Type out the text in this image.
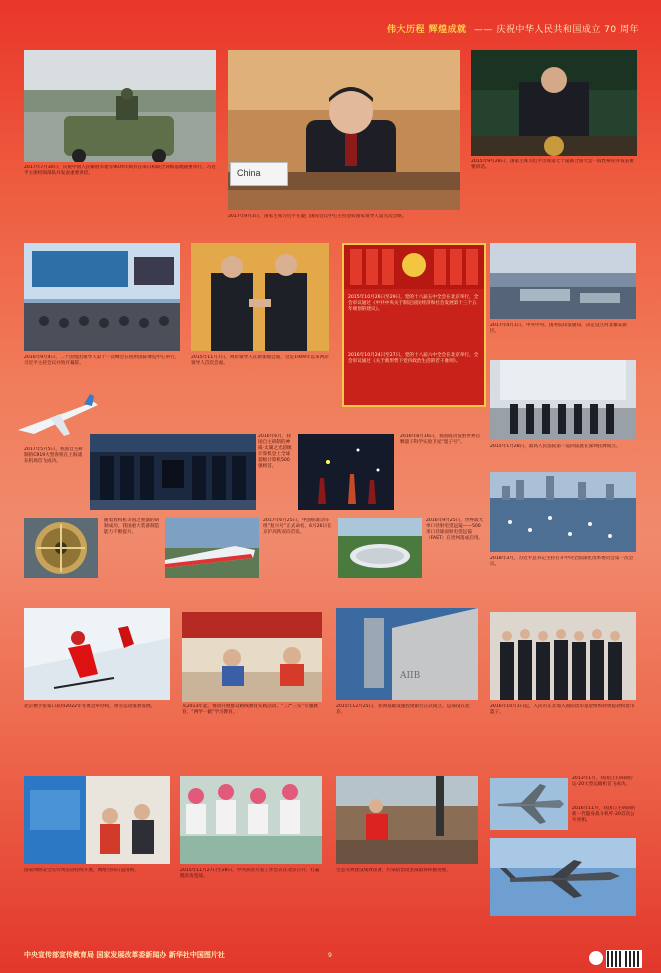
伟大历程 辉煌成就 —— 庆祝中华人民共和国成立 70 周年
2017年7月30日，庆祝中国人民解放军建军90周年阅兵在朱日和联合训练基地隆重举行。习近平主席检阅部队并发表重要讲话。	China
2015年9月28日，国家主席习近平出席第七十届联合国大会一般性辩论并发表重要讲话。
2017年9月3日，国家主席习近平在厦门国际会议中心主持金砖国家领导人第九次会晤。
2016年9月4日，二十国集团领导人第十一次峰会在杭州国际博览中心举行，习近平主持会议并致开幕辞。
2015年11月7日，两岸领导人在新加坡会面，这是1949年以来两岸领导人首次会面。
2015年10月26日至29日，党的十八届五中全会在北京举行，全会审议通过《中共中央关于制定国民经济和社会发展第十三个五年规划的建议》。
2016年10月24日至27日，党的十八届六中全会在北京举行，全会审议通过《关于新形势下党内政治生活的若干准则》。
2017年4月1日，中共中央、国务院印发通知，决定设立河北雄安新区。
2015年1月28日，最高人民法院第一巡回法庭在深圳挂牌成立。
2017年5月5日，我国自主研制的C919大型客机在上海浦东机场首飞成功。
2016年6月，我国自主研制的神威·太湖之光超级计算机登上全球超级计算机500强榜首。
2016年8月16日，我国成功发射世界首颗量子科学实验卫星“墨子号”。
2018年3月，习近平总书记主持召开中央全面深化改革委员会第一次会议。
随着盾构机等国之重器的研制成功，我国重大装备制造能力不断提升。
2017年6月25日，中国标准动车组“复兴号”正式命名，6月26日在京沪高铁双向首发。
2016年9月25日，世界最大单口径射电望远镜——500米口径球面射电望远镜（FAST）在贵州落成启用。
北京携手张家口获得2022年冬奥会举办权，冰雪运动蓬勃发展。	从2013年起，推动开展群众路线教育实践活动、“三严三实”专题教育、“两学一做”学习教育。
AIIB
2015年12月25日，亚洲基础设施投资银行正式成立，总部设在北京。
2016年10月1日起，人民币正式加入国际货币基金组织特别提款权货币篮子。
国家网络安全宣传周活动持续开展，网络空间日益清朗。	2015年11月27日至28日，中央扶贫开发工作会议在北京召开，打赢脱贫攻坚战。
生态文明建设成效显著，污染防治攻坚战取得积极进展。
2013年1月，我国自主研制的运-20大型运输机首飞成功。
2016年11月，我国自主研制的新一代隐身战斗机歼-20首次公开亮相。
中央宣传部宣传教育局 国家发展改革委新闻办 新华社中国图片社	9
